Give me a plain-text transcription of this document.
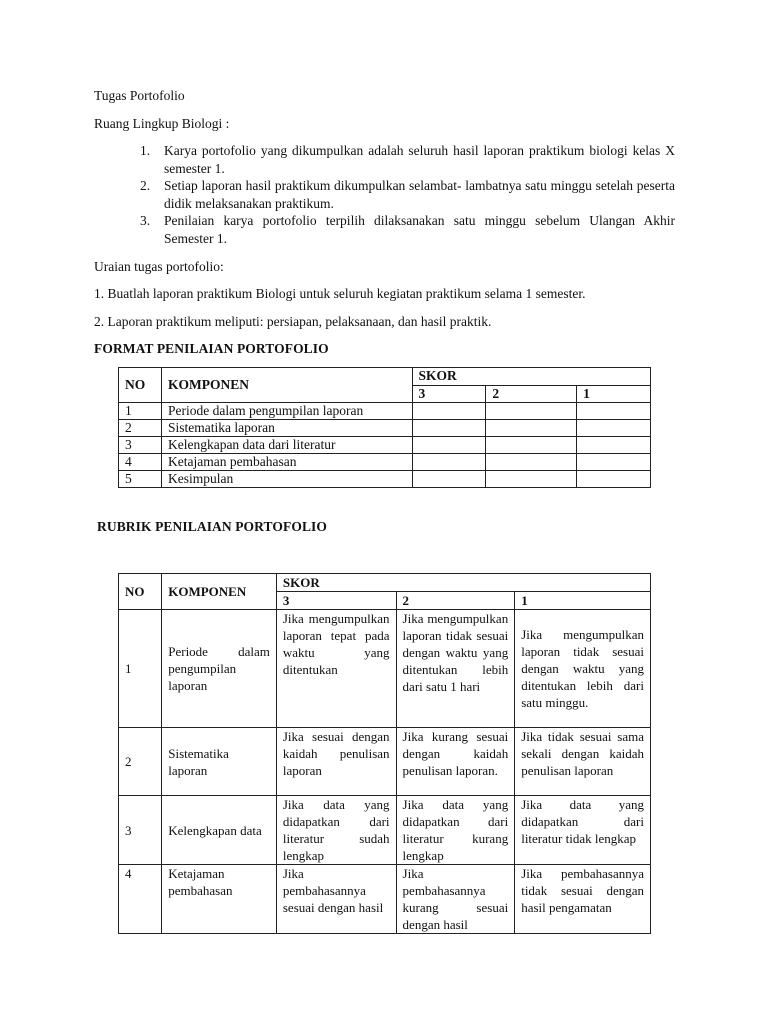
Tugas Portofolio
Ruang Lingkup Biologi :
1. Karya portofolio yang dikumpulkan adalah seluruh hasil laporan praktikum biologi kelas X semester 1.
2. Setiap laporan hasil praktikum dikumpulkan selambat- lambatnya satu minggu setelah peserta didik melaksanakan praktikum.
3. Penilaian karya portofolio terpilih dilaksanakan satu minggu sebelum Ulangan Akhir Semester 1.
Uraian tugas portofolio:
1. Buatlah laporan praktikum Biologi untuk seluruh kegiatan praktikum selama 1 semester.
2. Laporan praktikum meliputi: persiapan, pelaksanaan, dan hasil praktik.
FORMAT PENILAIAN PORTOFOLIO
NO	KOMPONEN	SKOR		
		3	2	1
1	Periode dalam pengumpilan laporan			
2	Sistematika laporan			
3	Kelengkapan data dari literatur			
4	Ketajaman pembahasan			
5	Kesimpulan			
RUBRIK PENILAIAN PORTOFOLIO
NO	KOMPONEN	SKOR		
		3	2	1
1	Periode dalam pengumpilan laporan	Jika mengumpulkan laporan tepat pada waktu yang ditentukan	Jika mengumpulkan laporan tidak sesuai dengan waktu yang ditentukan lebih dari satu 1 hari	Jika mengumpulkan laporan tidak sesuai dengan waktu yang ditentukan lebih dari satu minggu.
2	Sistematika laporan	Jika sesuai dengan kaidah penulisan laporan	Jika kurang sesuai dengan kaidah penulisan laporan.	Jika tidak sesuai sama sekali dengan kaidah penulisan laporan
3	Kelengkapan data	Jika data yang didapatkan dari literatur sudah lengkap	Jika data yang didapatkan dari literatur kurang lengkap	Jika data yang didapatkan dari literatur tidak lengkap
4	Ketajaman pembahasan	Jika pembahasannya sesuai dengan hasil	Jika pembahasannya kurang sesuai dengan hasil	Jika pembahasannya tidak sesuai dengan hasil pengamatan
